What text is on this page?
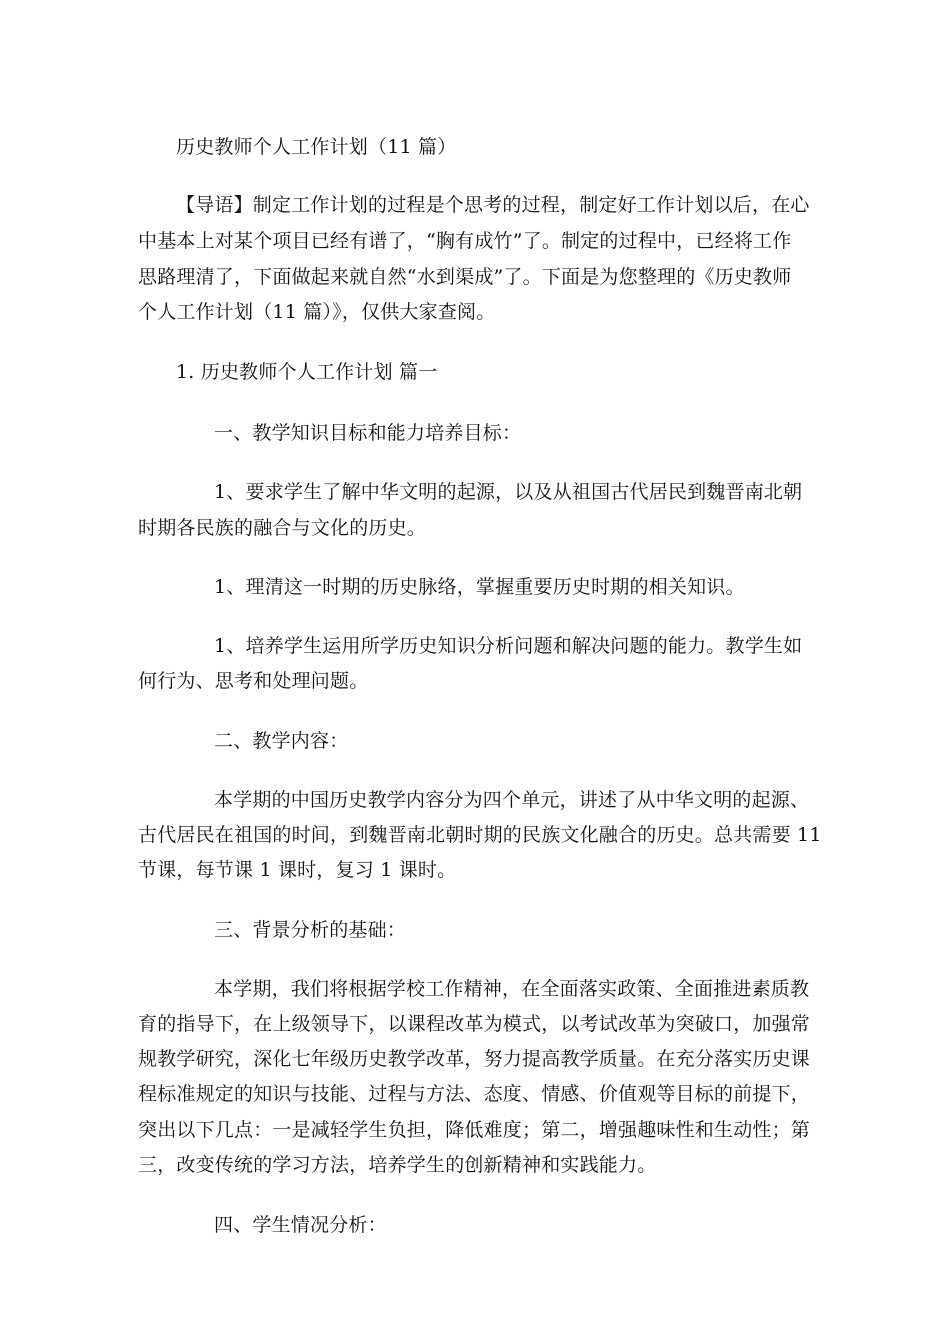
历史教师个人工作计划（11 篇）
【导语】制定工作计划的过程是个思考的过程，制定好工作计划以后，在心
中基本上对某个项目已经有谱了，“胸有成竹”了。制定的过程中，已经将工作
思路理清了，下面做起来就自然“水到渠成”了。下面是为您整理的《历史教师
个人工作计划（11 篇）》，仅供大家查阅。
1. 历史教师个人工作计划 篇一
一、教学知识目标和能力培养目标：
1、要求学生了解中华文明的起源，以及从祖国古代居民到魏晋南北朝
时期各民族的融合与文化的历史。
1、理清这一时期的历史脉络，掌握重要历史时期的相关知识。
1、培养学生运用所学历史知识分析问题和解决问题的能力。教学生如
何行为、思考和处理问题。
二、教学内容：
本学期的中国历史教学内容分为四个单元，讲述了从中华文明的起源、
古代居民在祖国的时间，到魏晋南北朝时期的民族文化融合的历史。总共需要 11
节课，每节课 1 课时，复习 1 课时。
三、背景分析的基础：
本学期，我们将根据学校工作精神，在全面落实政策、全面推进素质教
育的指导下，在上级领导下，以课程改革为模式，以考试改革为突破口，加强常
规教学研究，深化七年级历史教学改革，努力提高教学质量。在充分落实历史课
程标准规定的知识与技能、过程与方法、态度、情感、价值观等目标的前提下，
突出以下几点：一是减轻学生负担，降低难度；第二，增强趣味性和生动性；第
三，改变传统的学习方法，培养学生的创新精神和实践能力。
四、学生情况分析：
